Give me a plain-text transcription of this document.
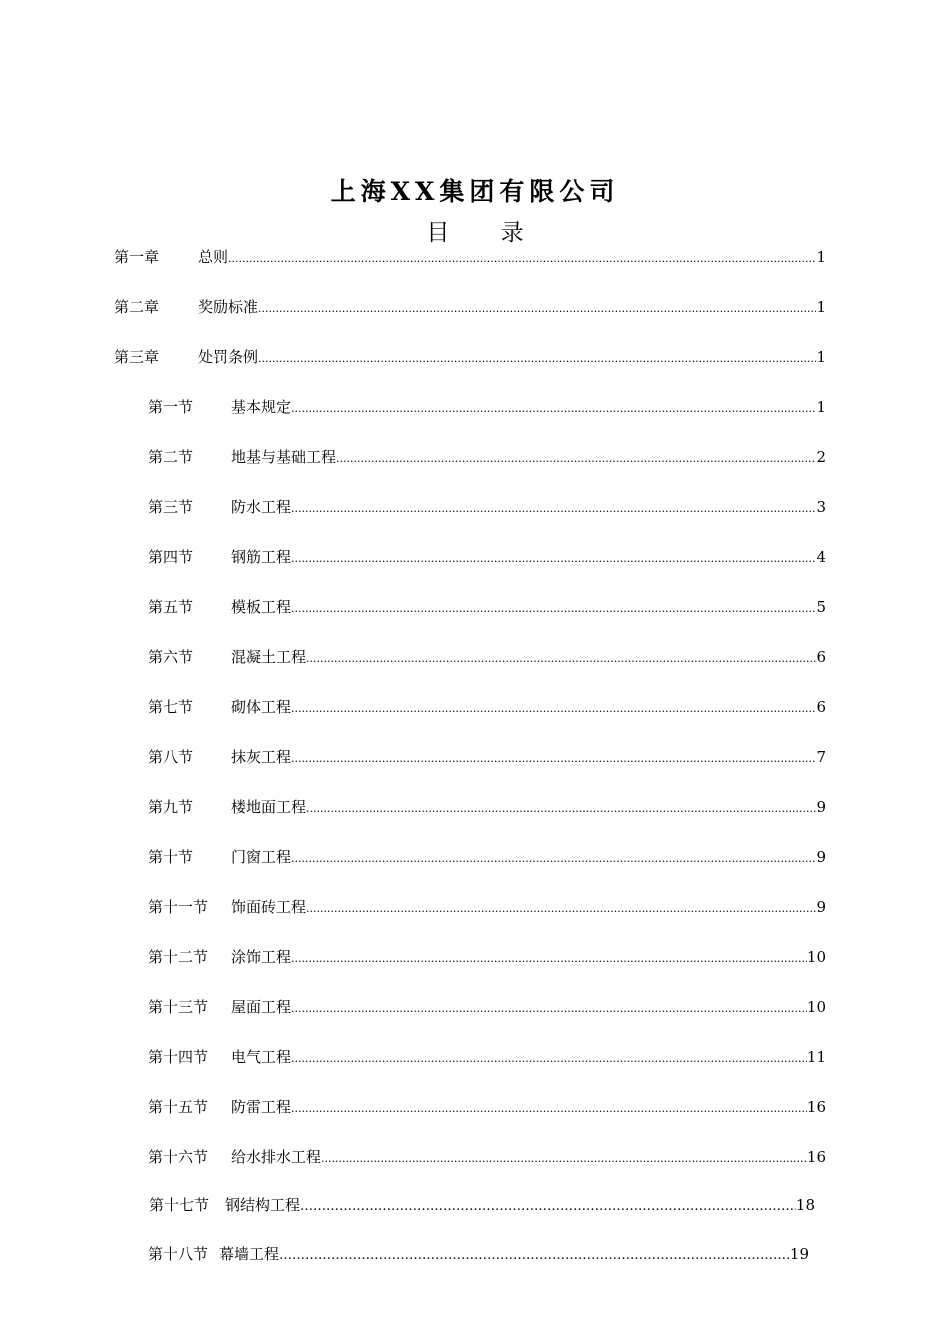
上海XX集团有限公司
目 录
第一章	总则 .....	1
第二章	奖励标准 .....	1
第三章	处罚条例 .....	1
第一节	基本规定 .....	1
第二节	地基与基础工程 .....	2
第三节	防水工程 .....	3
第四节	钢筋工程 .....	4
第五节	模板工程 .....	5
第六节	混凝土工程 .....	6
第七节	砌体工程 .....	6
第八节	抹灰工程 .....	7
第九节	楼地面工程 .....	9
第十节	门窗工程 .....	9
第十一节	饰面砖工程 .....	9
第十二节	涂饰工程 .....	10
第十三节	屋面工程 .....	10
第十四节	电气工程 .....	11
第十五节	防雷工程 .....	16
第十六节	给水排水工程 .....	16
第十七节	钢结构工程 …………………………………………………………………………………………………………………………………………………………………………………………	18
第十八节 幕墙工程 …………………………………………………………………………………………………………………………………………………………………………………………	19
